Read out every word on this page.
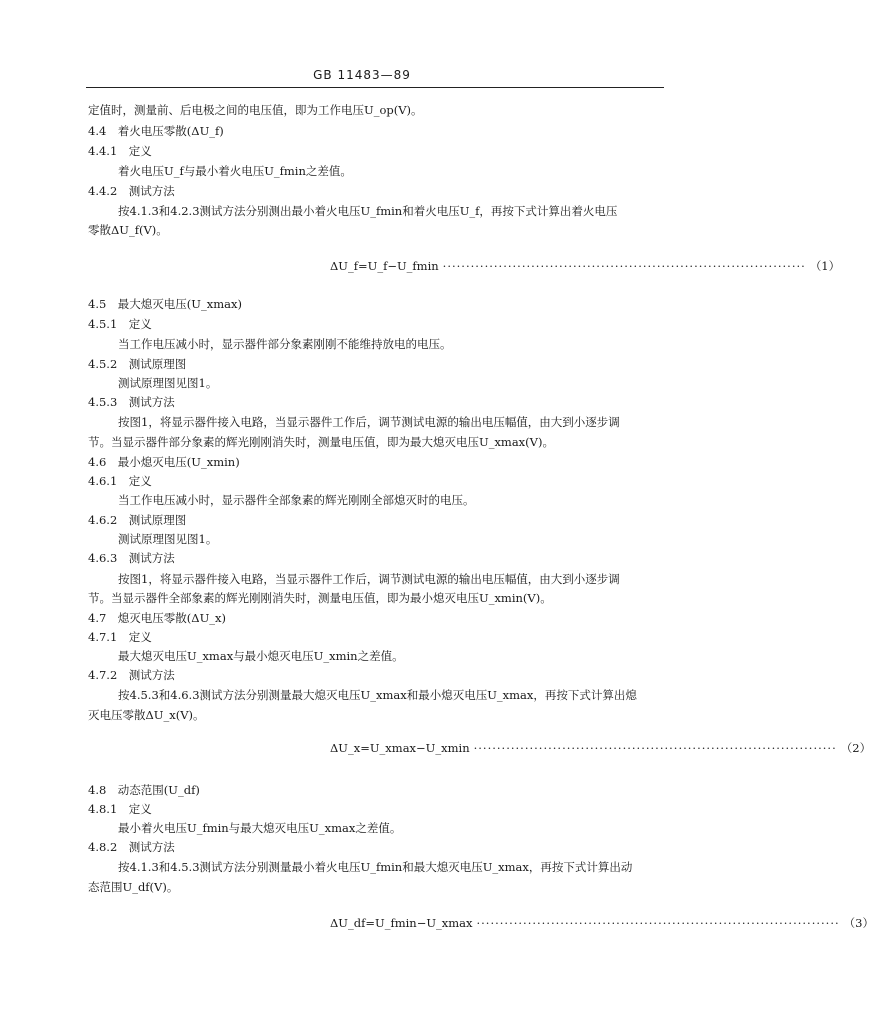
GB 11483—89
定值时，测量前、后电极之间的电压值，即为工作电压U_op(V)。
4.4　着火电压零散(ΔU_f)
4.4.1　定义
着火电压U_f与最小着火电压U_fmin之差值。
4.4.2　测试方法
按4.1.3和4.2.3测试方法分别测出最小着火电压U_fmin和着火电压U_f，再按下式计算出着火电压
零散ΔU_f(V)。
ΔU_f=U_f−U_fmin ·············································································· （1）
4.5　最大熄灭电压(U_xmax)
4.5.1　定义
当工作电压减小时，显示器件部分象素刚刚不能维持放电的电压。
4.5.2　测试原理图
测试原理图见图1。
4.5.3　测试方法
按图1，将显示器件接入电路，当显示器件工作后，调节测试电源的输出电压幅值，由大到小逐步调
节。当显示器件部分象素的辉光刚刚消失时，测量电压值，即为最大熄灭电压U_xmax(V)。
4.6　最小熄灭电压(U_xmin)
4.6.1　定义
当工作电压减小时，显示器件全部象素的辉光刚刚全部熄灭时的电压。
4.6.2　测试原理图
测试原理图见图1。
4.6.3　测试方法
按图1，将显示器件接入电路，当显示器件工作后，调节测试电源的输出电压幅值，由大到小逐步调
节。当显示器件全部象素的辉光刚刚消失时，测量电压值，即为最小熄灭电压U_xmin(V)。
4.7　熄灭电压零散(ΔU_x)
4.7.1　定义
最大熄灭电压U_xmax与最小熄灭电压U_xmin之差值。
4.7.2　测试方法
按4.5.3和4.6.3测试方法分别测量最大熄灭电压U_xmax和最小熄灭电压U_xmax，再按下式计算出熄
灭电压零散ΔU_x(V)。
ΔU_x=U_xmax−U_xmin ·············································································· （2）
4.8　动态范围(U_df)
4.8.1　定义
最小着火电压U_fmin与最大熄灭电压U_xmax之差值。
4.8.2　测试方法
按4.1.3和4.5.3测试方法分别测量最小着火电压U_fmin和最大熄灭电压U_xmax，再按下式计算出动
态范围U_df(V)。
ΔU_df=U_fmin−U_xmax ·············································································· （3）
